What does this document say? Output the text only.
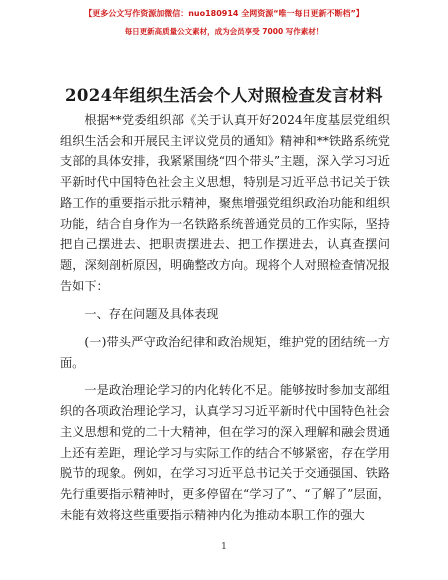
【更多公文写作资源加微信：nuo180914 全网资源“唯一每日更新不断档”】
每日更新高质量公文素材，成为会员享受 7000 写作素材！
2024年组织生活会个人对照检查发言材料

根据**党委组织部《关于认真开好2024年度基层党组织组织生活会和开展民主评议党员的通知》精神和**铁路系统党支部的具体安排，我紧紧围绕“四个带头”主题，深入学习习近平新时代中国特色社会主义思想，特别是习近平总书记关于铁路工作的重要指示批示精神，聚焦增强党组织政治功能和组织功能，结合自身作为一名铁路系统普通党员的工作实际，坚持把自己摆进去、把职责摆进去、把工作摆进去，认真查摆问题，深刻剖析原因，明确整改方向。现将个人对照检查情况报告如下：

一、存在问题及具体表现

(一)带头严守政治纪律和政治规矩，维护党的团结统一方面。

一是政治理论学习的内化转化不足。能够按时参加支部组织的各项政治理论学习，认真学习习近平新时代中国特色社会主义思想和党的二十大精神，但在学习的深入理解和融会贯通上还有差距，理论学习与实际工作的结合不够紧密，存在学用脱节的现象。例如，在学习习近平总书记关于交通强国、铁路先行重要指示精神时，更多停留在“学习了”、“了解了”层面，未能有效将这些重要指示精神内化为推动本职工作的强大

1
